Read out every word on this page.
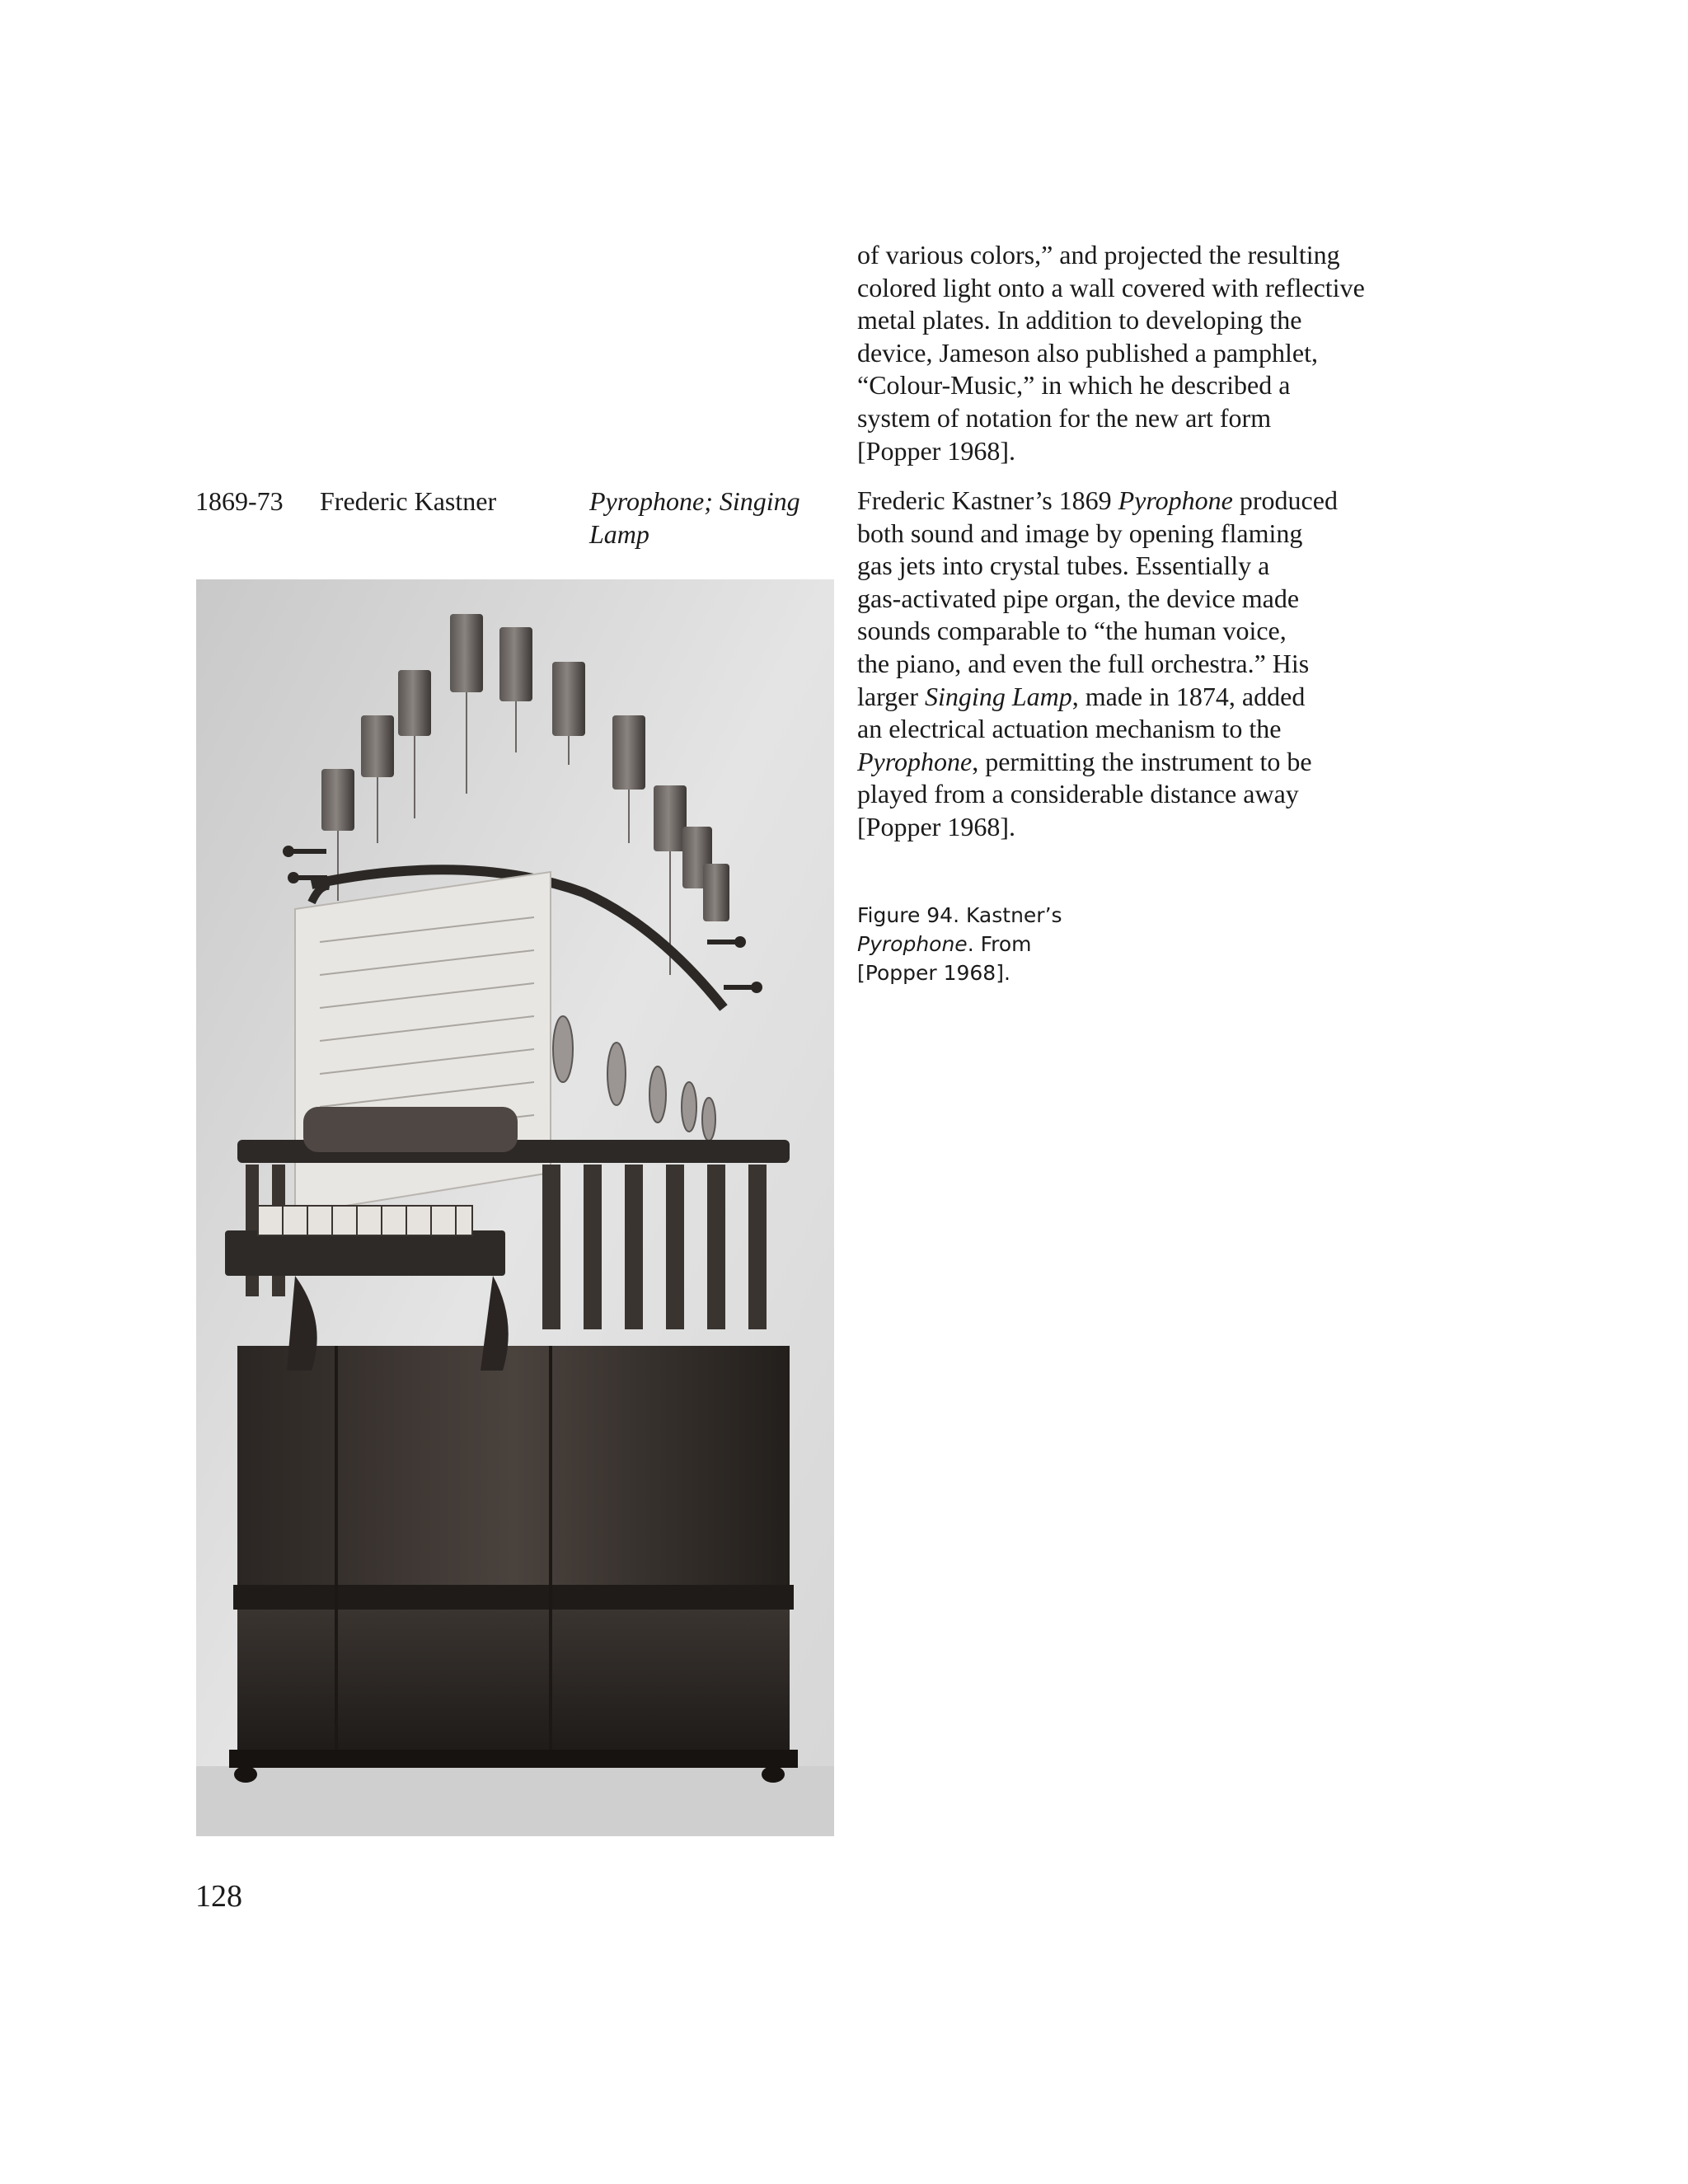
of various colors,” and projected the resulting
colored light onto a wall covered with reflective
metal plates. In addition to developing the
device, Jameson also published a pamphlet,
“Colour-Music,” in which he described a
system of notation for the new art form
[Popper 1968].

1869-73 Frederic Kastner	Pyrophone; Singing
Lamp

Frederic Kastner’s 1869 Pyrophone produced
both sound and image by opening flaming
gas jets into crystal tubes. Essentially a
gas-activated pipe organ, the device made
sounds comparable to “the human voice,
the piano, and even the full orchestra.” His
larger Singing Lamp, made in 1874, added
an electrical actuation mechanism to the
Pyrophone, permitting the instrument to be
played from a considerable distance away
[Popper 1968].

Figure 94. Kastner’s
Pyrophone. From
[Popper 1968].

128
